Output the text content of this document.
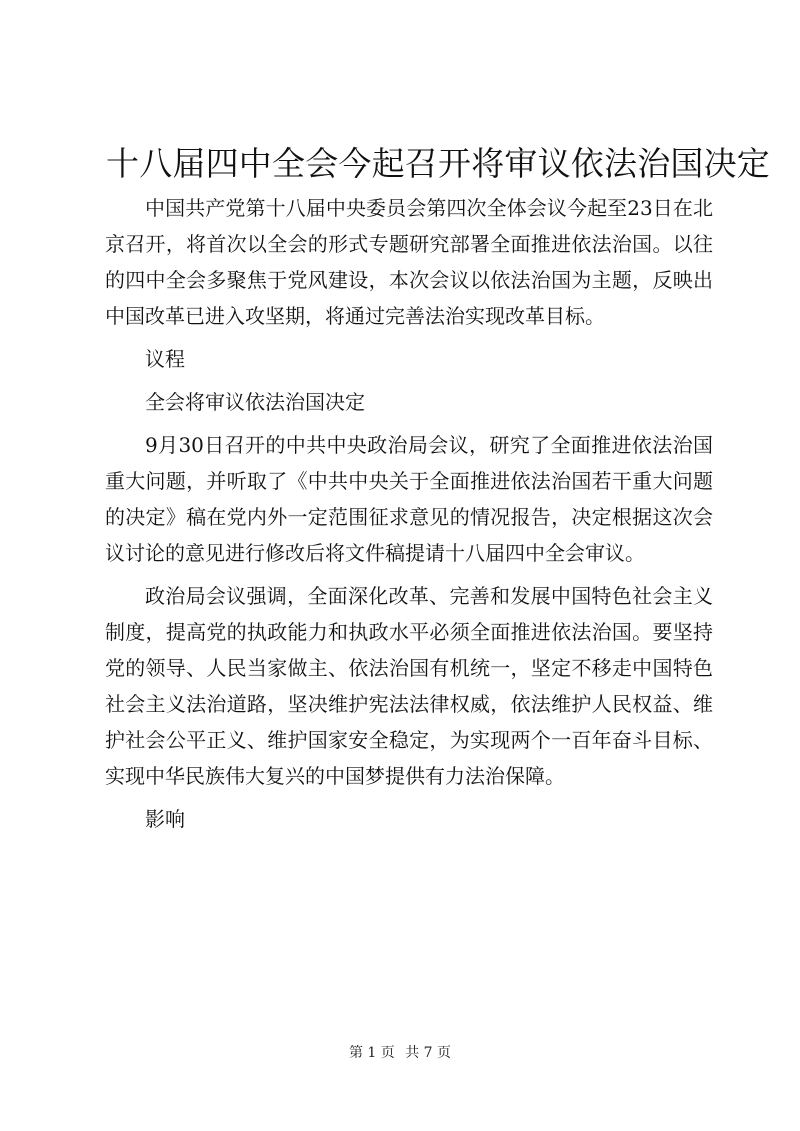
十八届四中全会今起召开将审议依法治国决定

中国共产党第十八届中央委员会第四次全体会议今起至23日在北京召开，将首次以全会的形式专题研究部署全面推进依法治国。以往的四中全会多聚焦于党风建设，本次会议以依法治国为主题，反映出中国改革已进入攻坚期，将通过完善法治实现改革目标。

议程

全会将审议依法治国决定

9月30日召开的中共中央政治局会议，研究了全面推进依法治国重大问题，并听取了《中共中央关于全面推进依法治国若干重大问题的决定》稿在党内外一定范围征求意见的情况报告，决定根据这次会议讨论的意见进行修改后将文件稿提请十八届四中全会审议。

政治局会议强调，全面深化改革、完善和发展中国特色社会主义制度，提高党的执政能力和执政水平必须全面推进依法治国。要坚持党的领导、人民当家做主、依法治国有机统一，坚定不移走中国特色社会主义法治道路，坚决维护宪法法律权威，依法维护人民权益、维护社会公平正义、维护国家安全稳定，为实现两个一百年奋斗目标、实现中华民族伟大复兴的中国梦提供有力法治保障。

影响

第 1 页 共 7 页
